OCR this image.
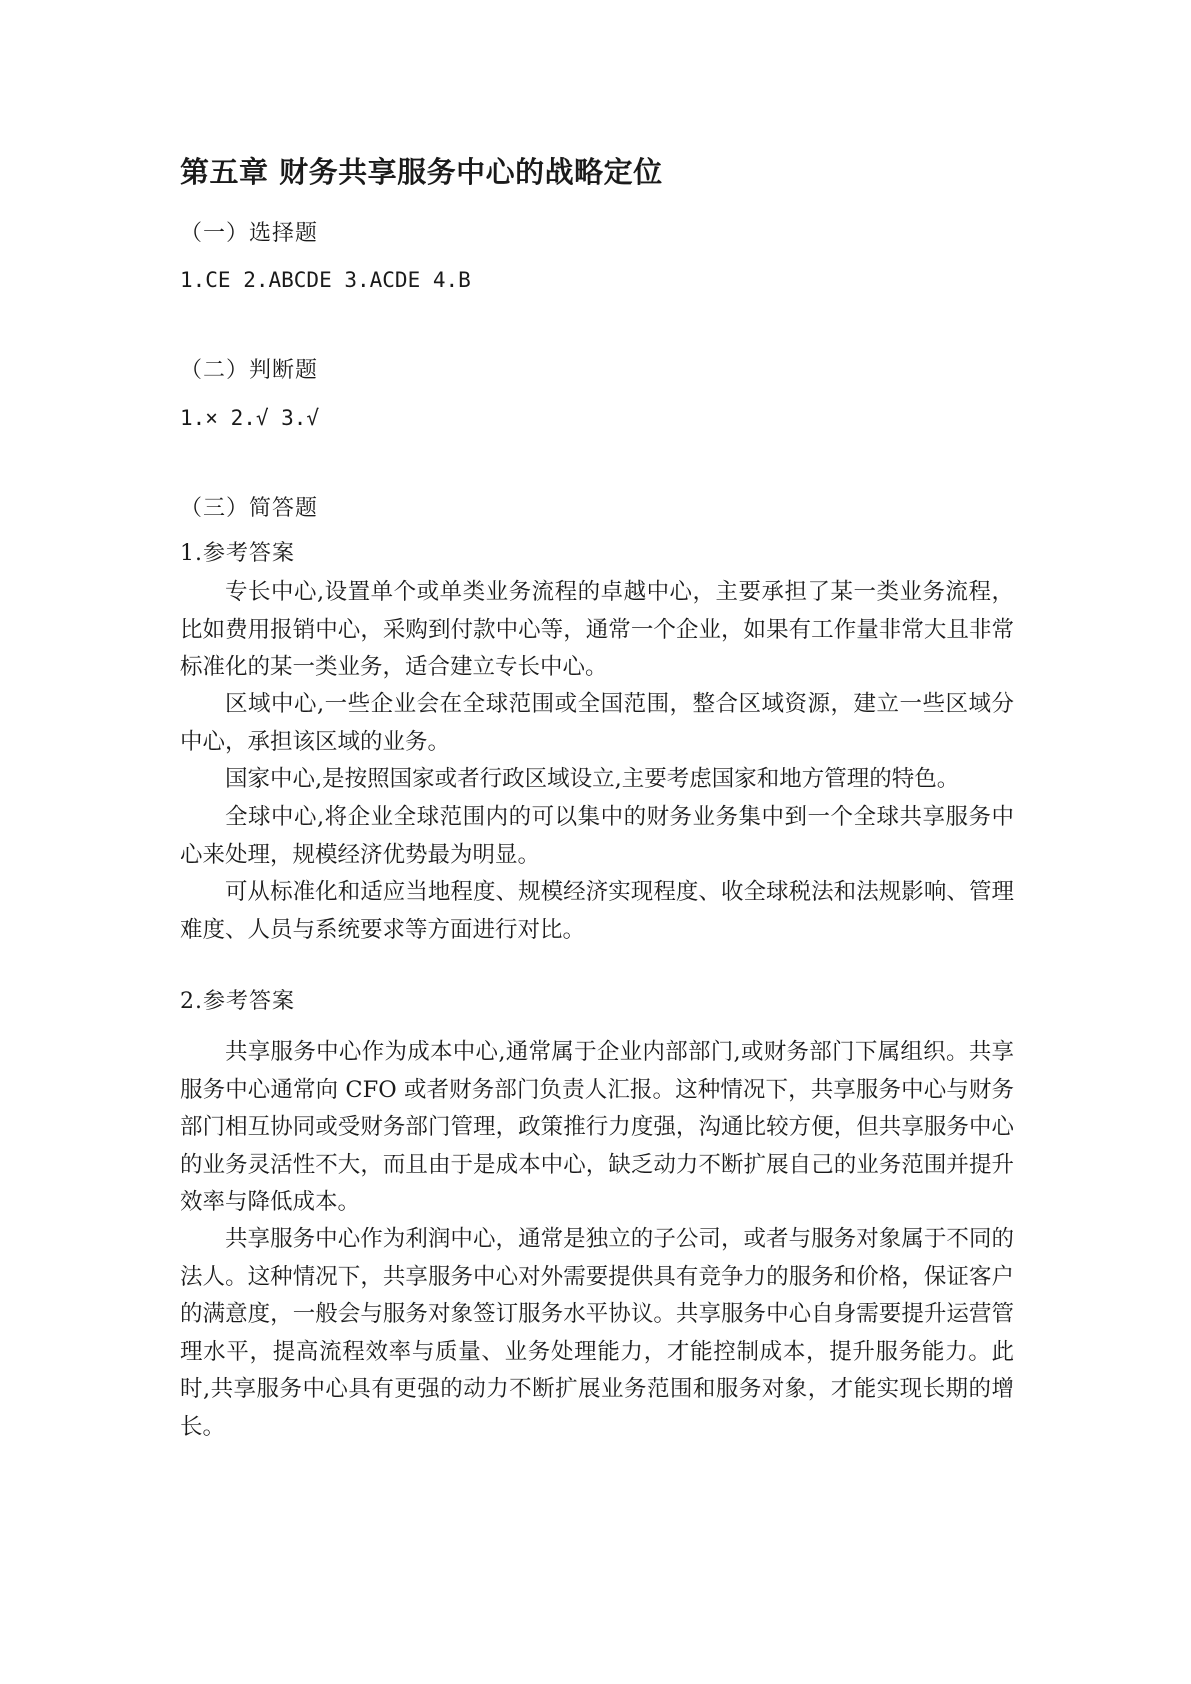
第五章 财务共享服务中心的战略定位
（一）选择题
1.CE 2.ABCDE 3.ACDE 4.B
（二）判断题
1.× 2.√ 3.√
（三）简答题
1.参考答案

专长中心,设置单个或单类业务流程的卓越中心，主要承担了某一类业务流程，比如费用报销中心，采购到付款中心等，通常一个企业，如果有工作量非常大且非常标准化的某一类业务，适合建立专长中心。

区域中心,一些企业会在全球范围或全国范围，整合区域资源，建立一些区域分中心，承担该区域的业务。

国家中心,是按照国家或者行政区域设立,主要考虑国家和地方管理的特色。

全球中心,将企业全球范围内的可以集中的财务业务集中到一个全球共享服务中心来处理，规模经济优势最为明显。

可从标准化和适应当地程度、规模经济实现程度、收全球税法和法规影响、管理难度、人员与系统要求等方面进行对比。

2.参考答案

共享服务中心作为成本中心,通常属于企业内部部门,或财务部门下属组织。共享服务中心通常向 CFO 或者财务部门负责人汇报。这种情况下，共享服务中心与财务部门相互协同或受财务部门管理，政策推行力度强，沟通比较方便，但共享服务中心的业务灵活性不大，而且由于是成本中心，缺乏动力不断扩展自己的业务范围并提升效率与降低成本。

共享服务中心作为利润中心，通常是独立的子公司，或者与服务对象属于不同的法人。这种情况下，共享服务中心对外需要提供具有竞争力的服务和价格，保证客户的满意度，一般会与服务对象签订服务水平协议。共享服务中心自身需要提升运营管理水平，提高流程效率与质量、业务处理能力，才能控制成本，提升服务能力。此时,共享服务中心具有更强的动力不断扩展业务范围和服务对象，才能实现长期的增长。
